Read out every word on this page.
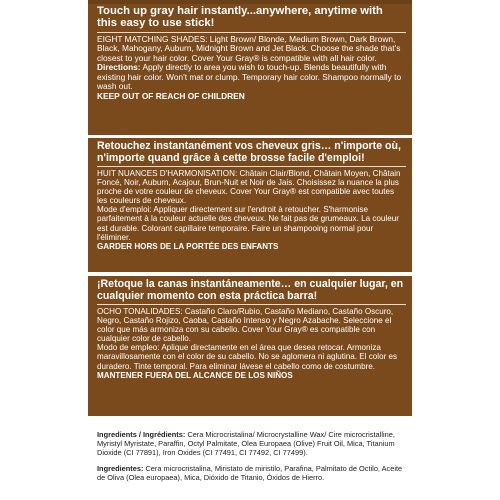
Touch up gray hair instantly...anywhere, anytime with this easy to use stick!

EIGHT MATCHING SHADES: Light Brown/ Blonde, Medium Brown, Dark Brown, Black, Mahogany, Auburn, Midnight Brown and Jet Black. Choose the shade that's closest to your hair color. Cover Your Gray® is compatible with all hair color.

Directions: Apply directly to area you wish to touch-up. Blends beautifully with existing hair color. Won't mat or clump. Temporary hair color. Shampoo normally to wash out.

KEEP OUT OF REACH OF CHILDREN

Retouchez instantanément vos cheveux gris… n'importe où, n'importe quand grâce à cette brosse facile d'emploi!

HUIT NUANCES D'HARMONISATION: Châtain Clair/Blond, Châtain Moyen, Châtain Foncé, Noir, Auburn, Acajour, Brun-Nuit et Noir de Jais. Choisissez la nuance la plus proche de votre couleur de cheveux. Cover Your Gray® est compatible avec toutes les couleurs de cheveux.

Mode d'emploi: Appliquer directement sur l'endroit à retoucher. S'harmonise parfaitement à la couleur actuelle des cheveux. Ne fait pas de grumeaux. La couleur est durable. Colorant capillaire temporaire. Faire un shampooing normal pour l'éliminer.

GARDER HORS DE LA PORTÉE DES ENFANTS

¡Retoque la canas instantáneamente… en cualquier lugar, en cualquier momento con esta práctica barra!

OCHO TONALIDADES: Castaño Claro/Rubio, Castaño Mediano, Castaño Oscuro, Negro, Castaño Rojizo, Caoba, Castaño Intenso y Negro Azabache. Seleccione el color que más armoniza con su cabello. Cover Your Gray® es compatible con cualquier color de cabello.

Modo de empleo: Aplique directamente en el área que desea retocar. Armoniza maravillosamente con el color de su cabello. No se aglomera ni aglutina. El color es duradero. Tinte temporal. Para eliminar lávese el cabello como de costumbre.

MANTENER FUERA DEL ALCANCE DE LOS NIÑOS

Ingredients / Ingrédients: Cera Microcristalina/ Microcrystalline Wax/ Cire microcristalline, Myristyl Myristate, Paraffin, Octyl Palmitate, Olea Europaea (Olive) Fruit Oil, Mica, Titanium Dioxide (CI 77891), Iron Oxides (CI 77491, CI 77492, CI 77499).

Ingredientes: Cera microcristalina, Miristato de miristilo, Parafina, Palmitato de Octilo, Aceite de Oliva (Olea europaea), Mica, Dióxido de Titanio, Óxidos de Hierro.
